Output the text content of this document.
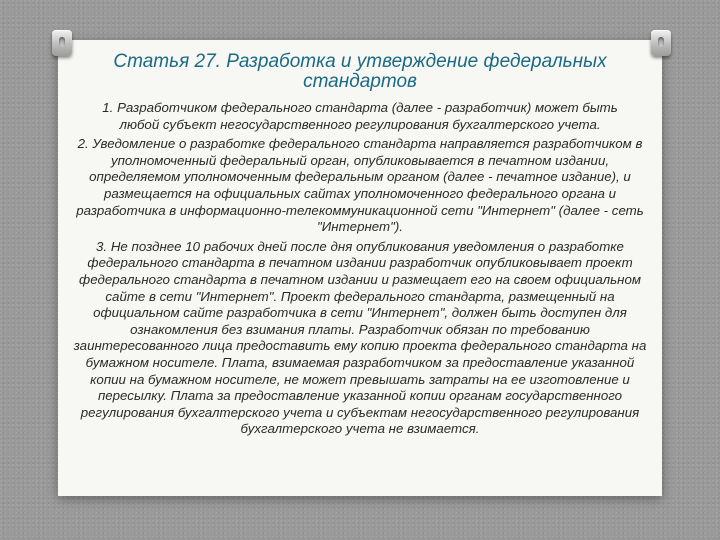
Статья 27. Разработка и утверждение федеральных стандартов

1. Разработчиком федерального стандарта (далее - разработчик) может быть любой субъект негосударственного регулирования бухгалтерского учета.

2. Уведомление о разработке федерального стандарта направляется разработчиком в уполномоченный федеральный орган, опубликовывается в печатном издании, определяемом уполномоченным федеральным органом (далее - печатное издание), и размещается на официальных сайтах уполномоченного федерального органа и разработчика в информационно-телекоммуникационной сети "Интернет" (далее - сеть "Интернет").

3. Не позднее 10 рабочих дней после дня опубликования уведомления о разработке федерального стандарта в печатном издании разработчик опубликовывает проект федерального стандарта в печатном издании и размещает его на своем официальном сайте в сети "Интернет". Проект федерального стандарта, размещенный на официальном сайте разработчика в сети "Интернет", должен быть доступен для ознакомления без взимания платы. Разработчик обязан по требованию заинтересованного лица предоставить ему копию проекта федерального стандарта на бумажном носителе. Плата, взимаемая разработчиком за предоставление указанной копии на бумажном носителе, не может превышать затраты на ее изготовление и пересылку. Плата за предоставление указанной копии органам государственного регулирования бухгалтерского учета и субъектам негосударственного регулирования бухгалтерского учета не взимается.
